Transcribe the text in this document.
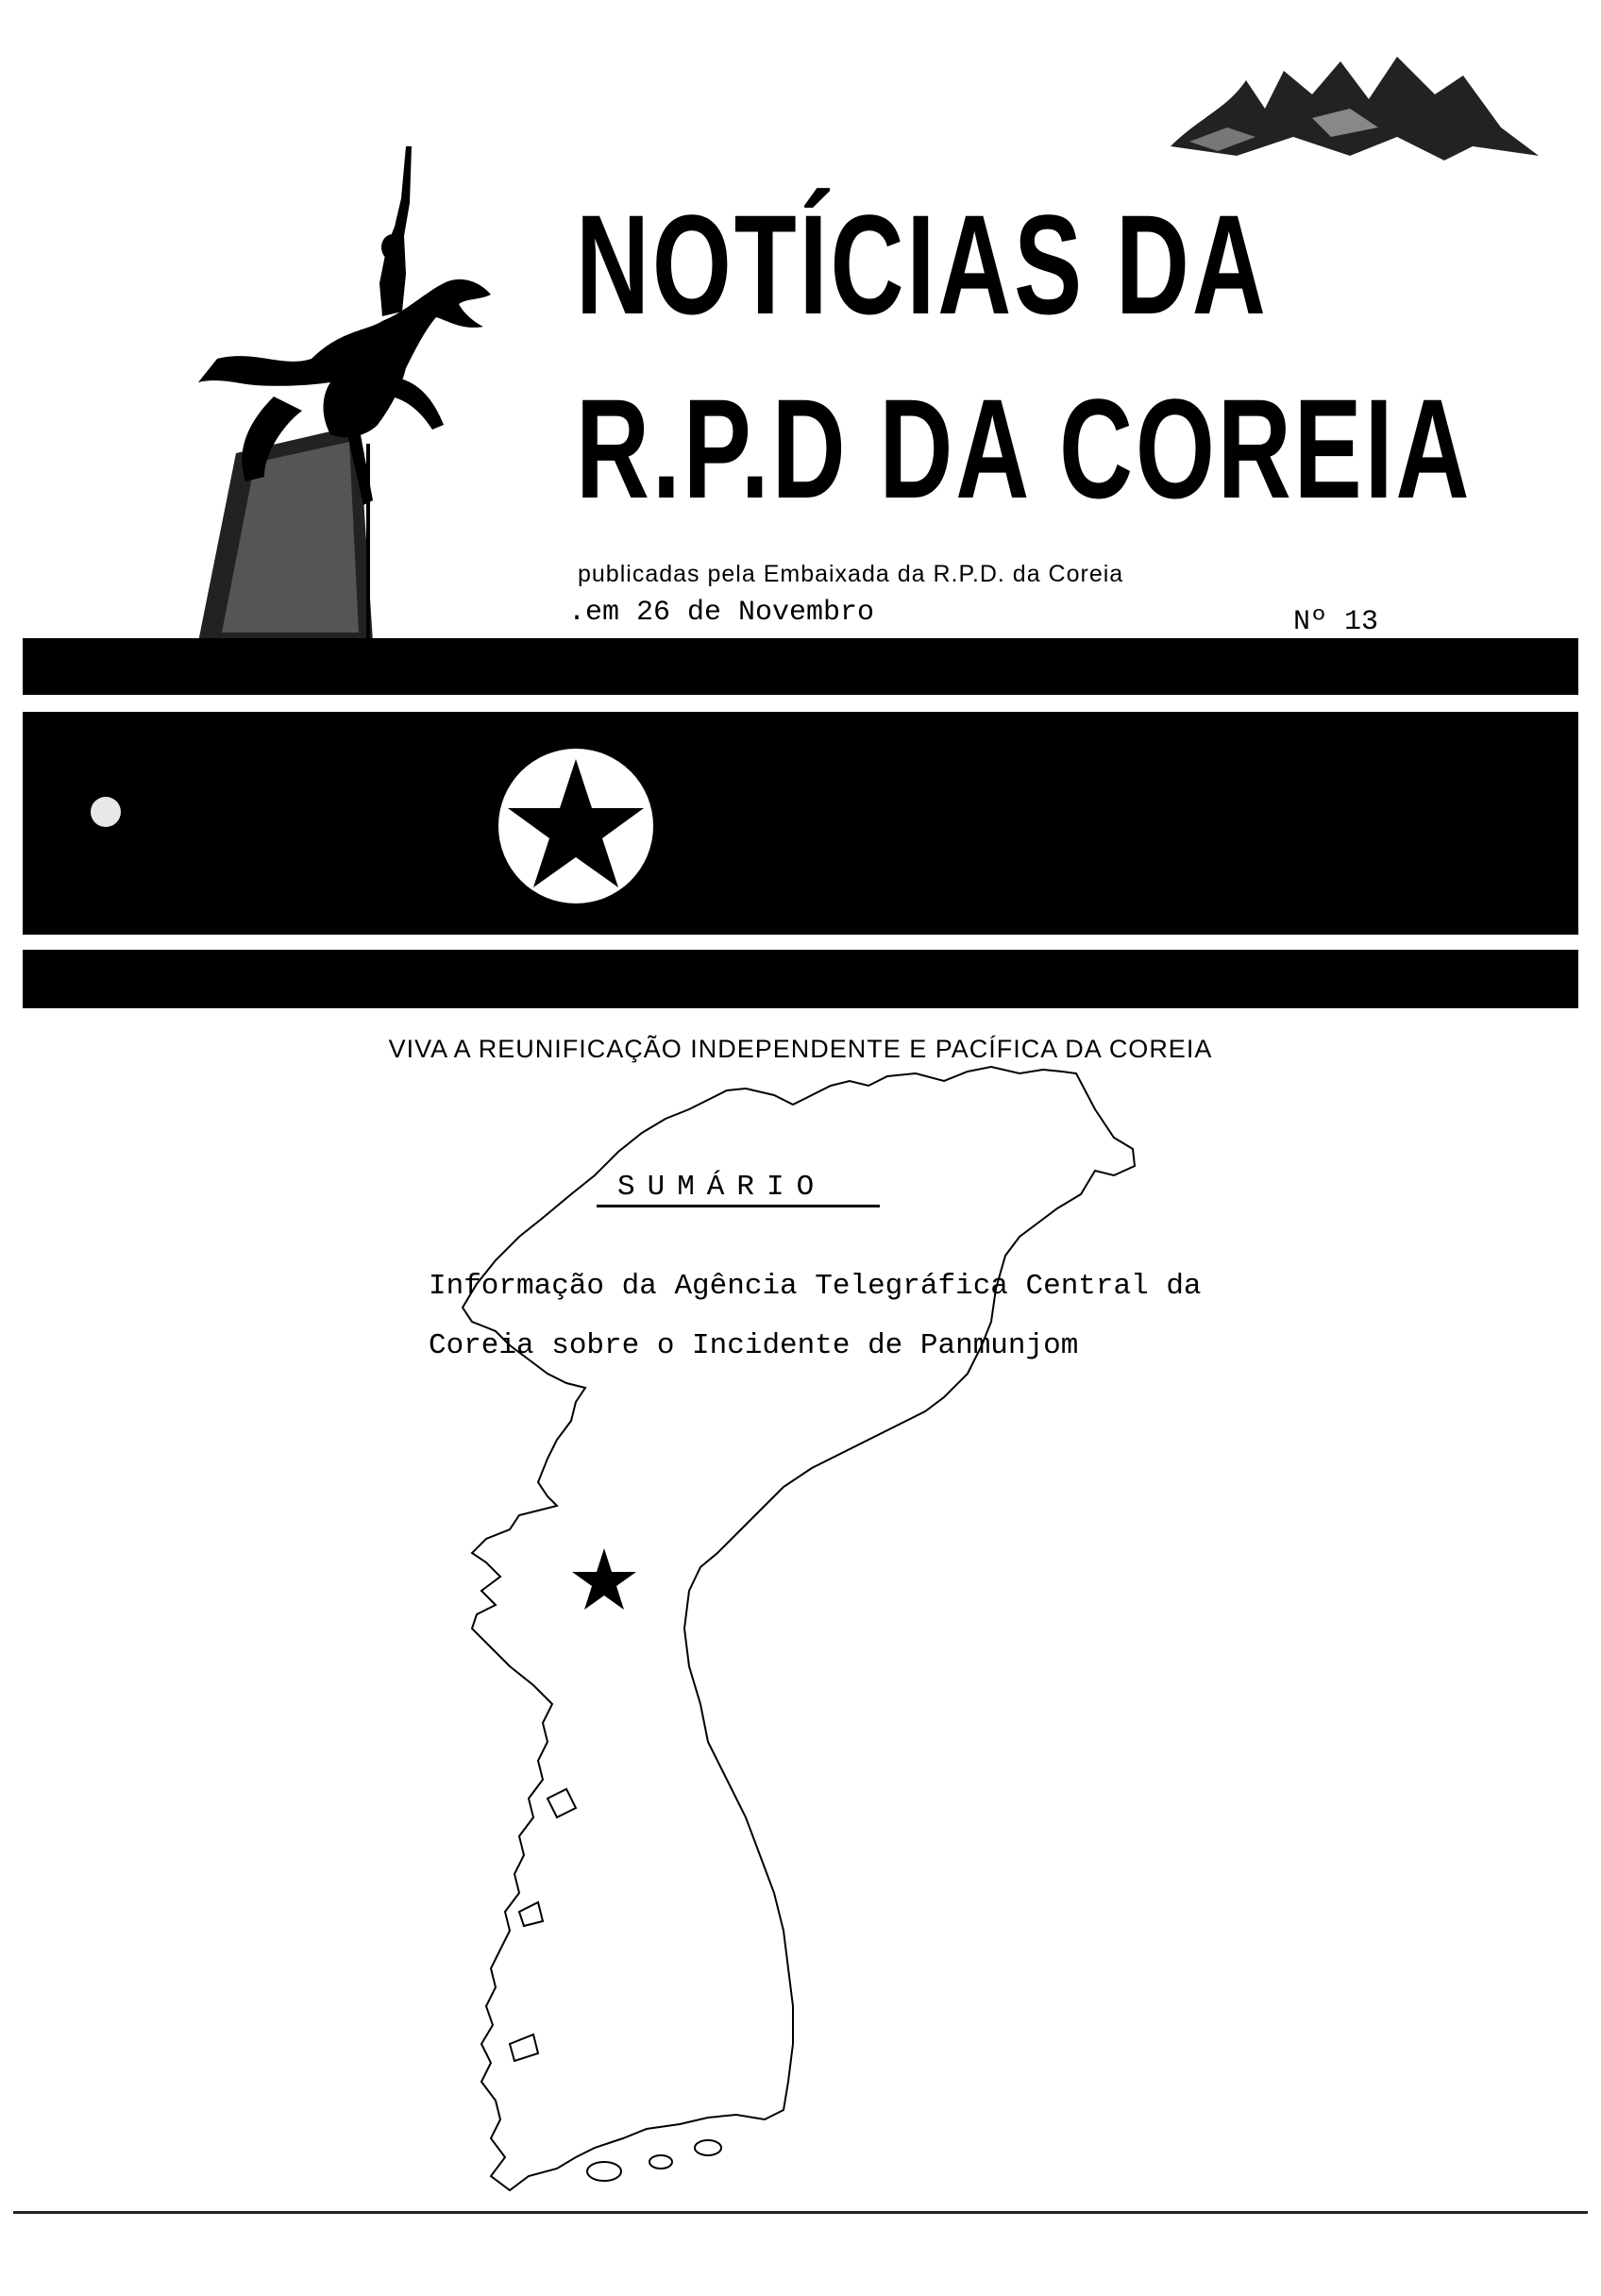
NOTÍCIAS DA
R.P.D DA COREIA
publicadas pela Embaixada da R.P.D. da Coreia
.em 26 de Novembro	Nº 13
VIVA A REUNIFICAÇÃO INDEPENDENTE E PACÍFICA DA COREIA
SUMÁRIO
Informação da Agência Telegráfica Central da
Coreia sobre o Incidente de Panmunjom
